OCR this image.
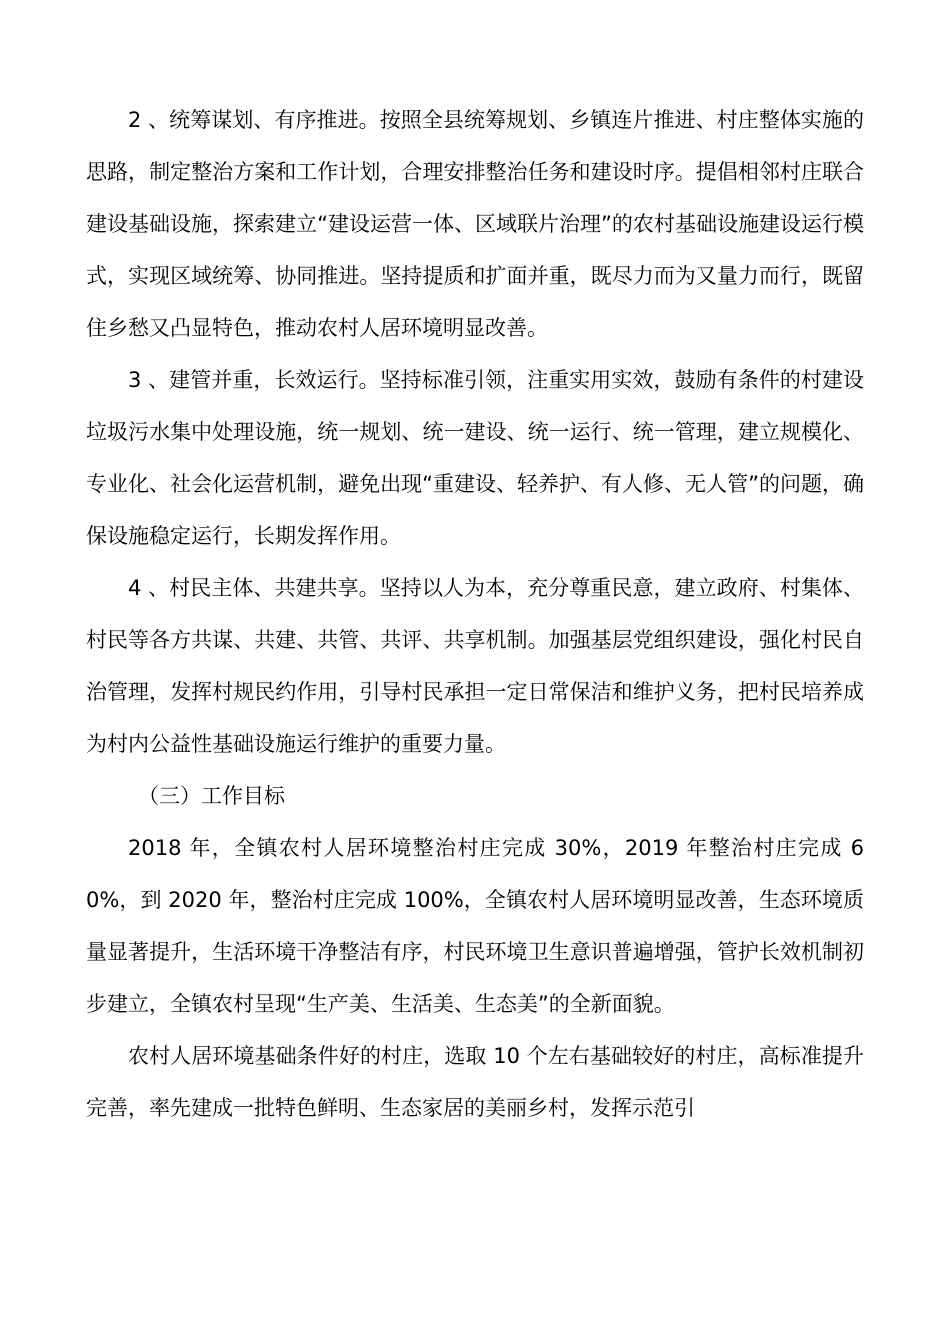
2 、统筹谋划、有序推进。按照全县统筹规划、乡镇连片推进、村庄整体实施的思路，制定整治方案和工作计划，合理安排整治任务和建设时序。提倡相邻村庄联合建设基础设施，探索建立“建设运营一体、区域联片治理”的农村基础设施建设运行模式，实现区域统筹、协同推进。坚持提质和扩面并重，既尽力而为又量力而行，既留住乡愁又凸显特色，推动农村人居环境明显改善。

3 、建管并重，长效运行。坚持标准引领，注重实用实效，鼓励有条件的村建设垃圾污水集中处理设施，统一规划、统一建设、统一运行、统一管理，建立规模化、专业化、社会化运营机制，避免出现“重建设、轻养护、有人修、无人管”的问题，确保设施稳定运行，长期发挥作用。

4 、村民主体、共建共享。坚持以人为本，充分尊重民意，建立政府、村集体、村民等各方共谋、共建、共管、共评、共享机制。加强基层党组织建设，强化村民自治管理，发挥村规民约作用，引导村民承担一定日常保洁和维护义务，把村民培养成为村内公益性基础设施运行维护的重要力量。

（三）工作目标

2018 年，全镇农村人居环境整治村庄完成 30%，2019 年整治村庄完成 60%，到 2020 年，整治村庄完成 100%，全镇农村人居环境明显改善，生态环境质量显著提升，生活环境干净整洁有序，村民环境卫生意识普遍增强，管护长效机制初步建立，全镇农村呈现“生产美、生活美、生态美”的全新面貌。

农村人居环境基础条件好的村庄，选取 10 个左右基础较好的村庄，高标准提升完善，率先建成一批特色鲜明、生态家居的美丽乡村，发挥示范引
